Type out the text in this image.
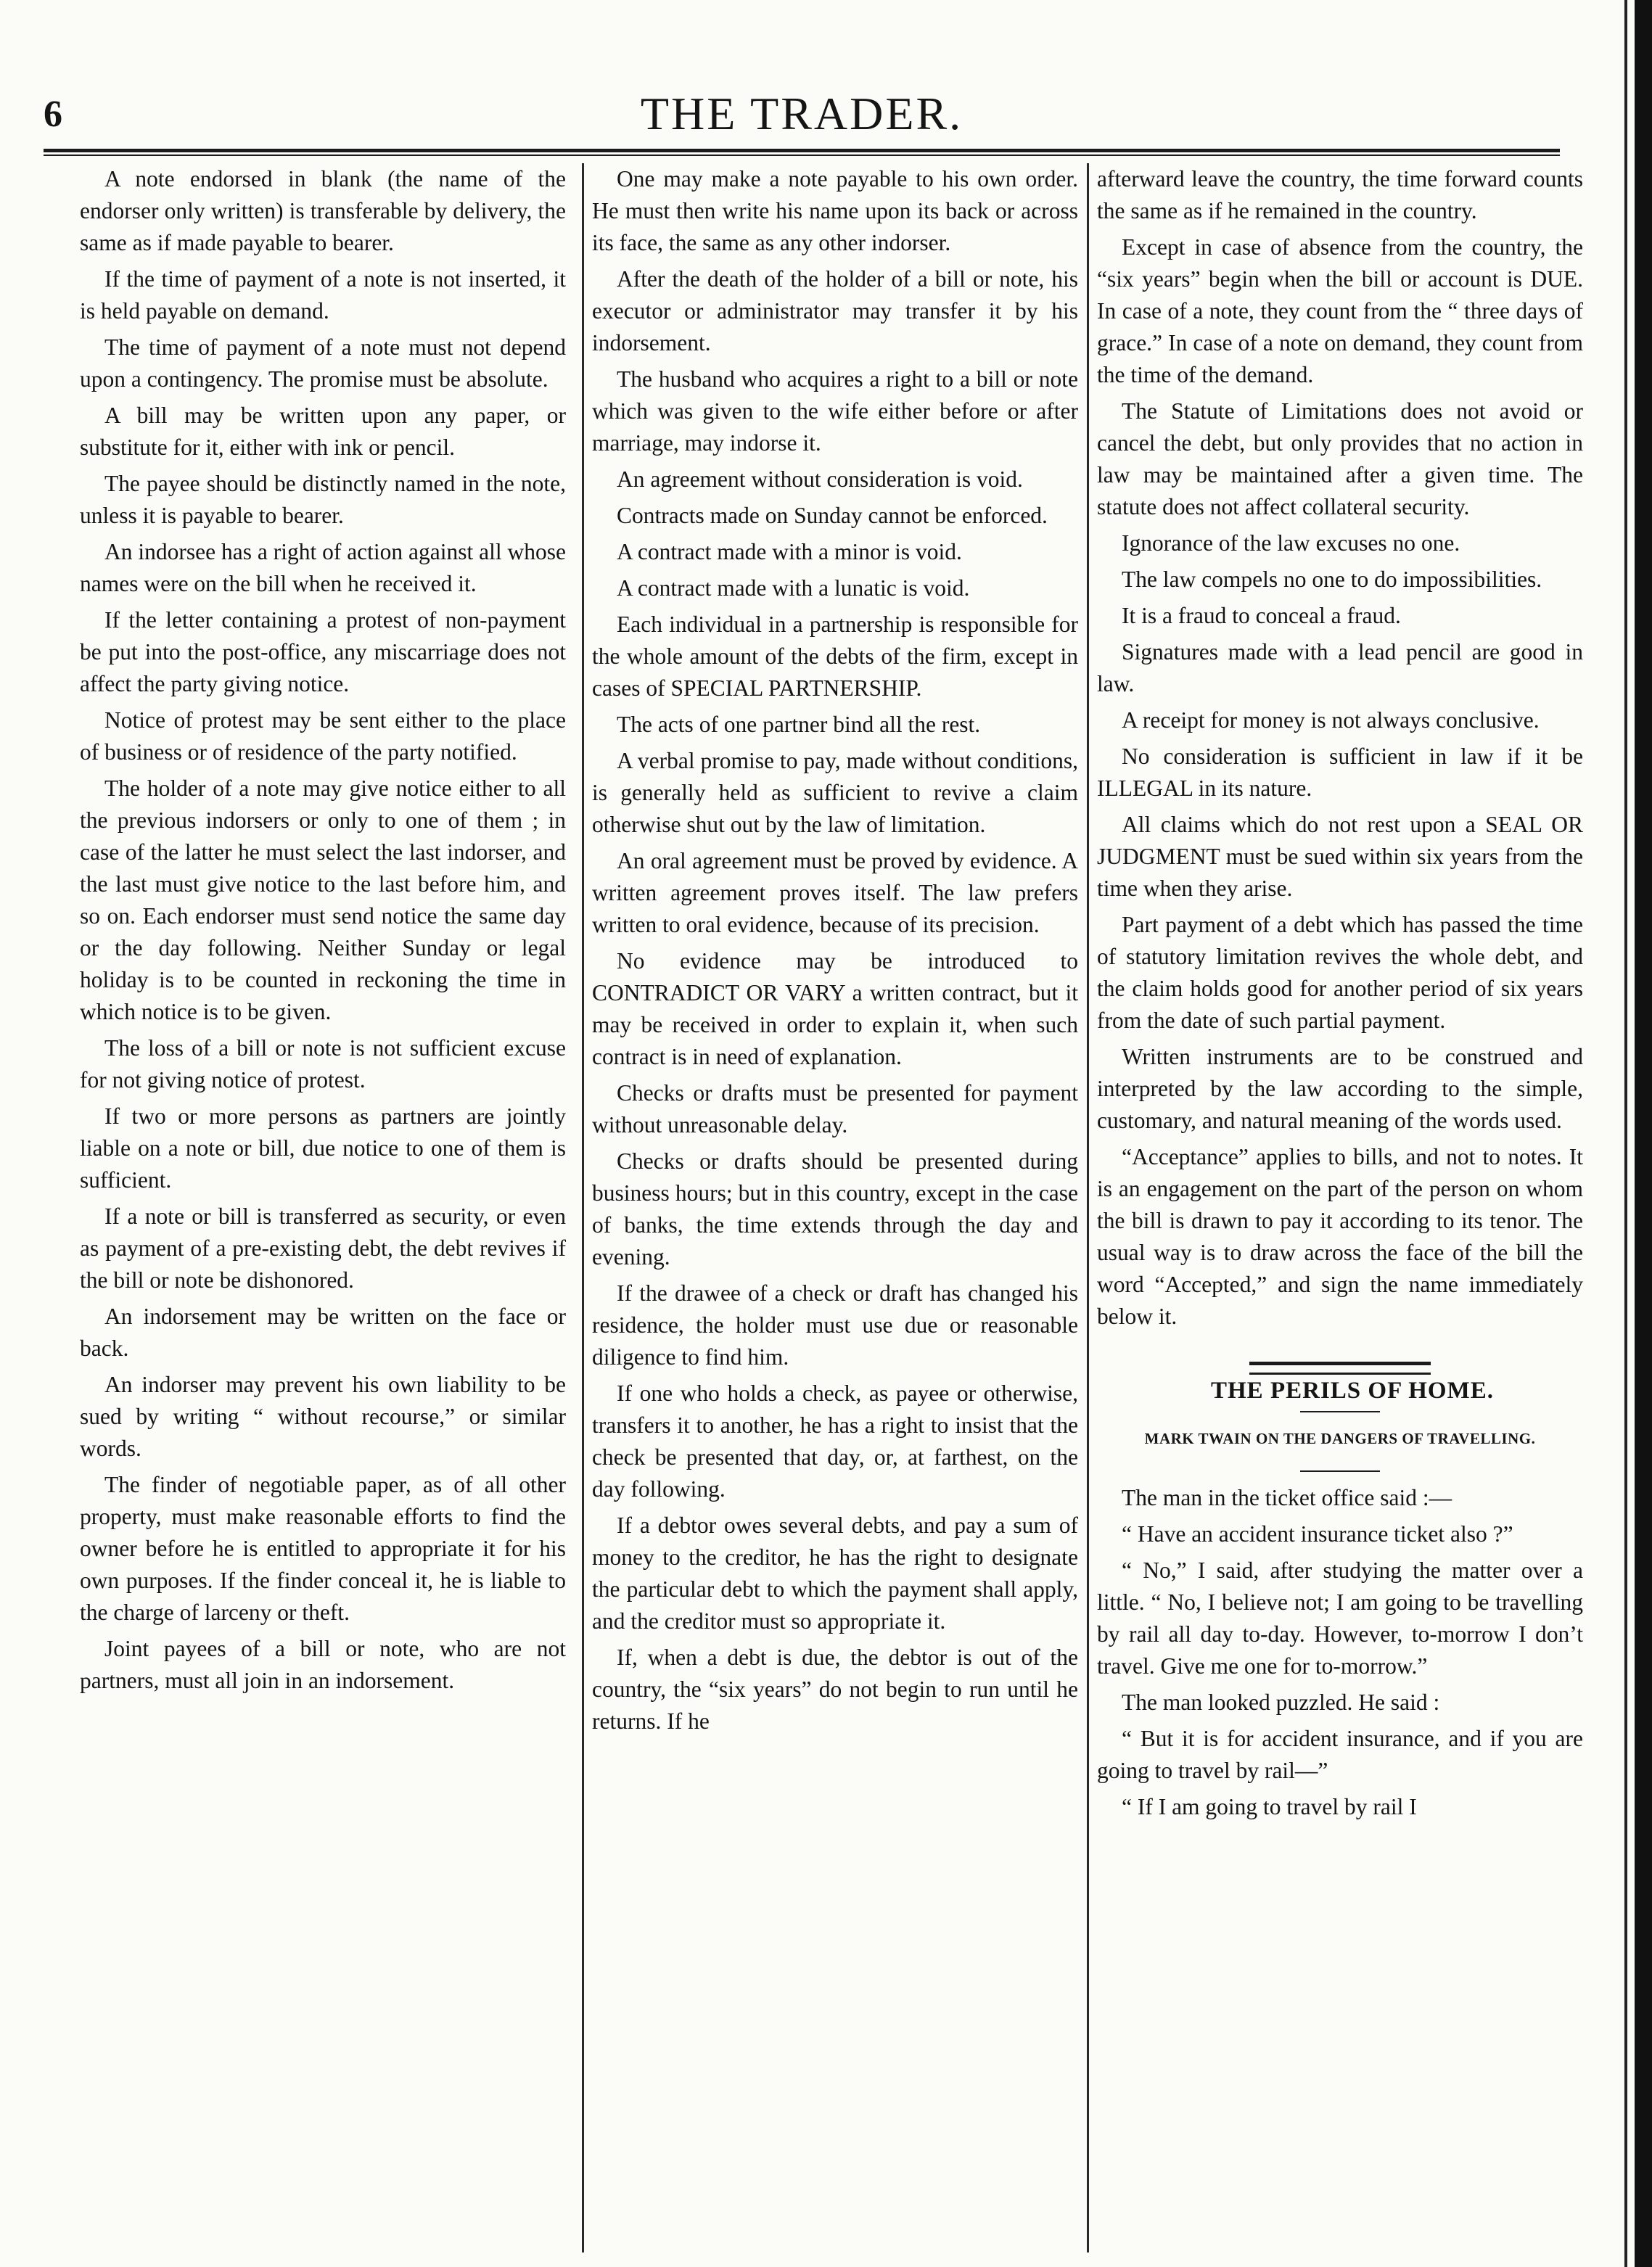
6	THE TRADER.

A note endorsed in blank (the name of the endorser only written) is transferable by delivery, the same as if made payable to bearer.

If the time of payment of a note is not inserted, it is held payable on demand.

The time of payment of a note must not depend upon a contingency. The promise must be absolute.

A bill may be written upon any paper, or substitute for it, either with ink or pencil.

The payee should be distinctly named in the note, unless it is payable to bearer.

An indorsee has a right of action against all whose names were on the bill when he received it.

If the letter containing a protest of non-payment be put into the post-office, any miscarriage does not affect the party giving notice.

Notice of protest may be sent either to the place of business or of residence of the party notified.

The holder of a note may give notice either to all the previous indorsers or only to one of them ; in case of the latter he must select the last indorser, and the last must give notice to the last before him, and so on. Each endorser must send notice the same day or the day following. Neither Sunday or legal holiday is to be counted in reckoning the time in which notice is to be given.

The loss of a bill or note is not sufficient excuse for not giving notice of protest.

If two or more persons as partners are jointly liable on a note or bill, due notice to one of them is sufficient.

If a note or bill is transferred as security, or even as payment of a pre-existing debt, the debt revives if the bill or note be dishonored.

An indorsement may be written on the face or back.

An indorser may prevent his own liability to be sued by writing “ without recourse,” or similar words.

The finder of negotiable paper, as of all other property, must make reasonable efforts to find the owner before he is entitled to appropriate it for his own purposes. If the finder conceal it, he is liable to the charge of larceny or theft.

Joint payees of a bill or note, who are not partners, must all join in an indorsement.

One may make a note payable to his own order. He must then write his name upon its back or across its face, the same as any other indorser.

After the death of the holder of a bill or note, his executor or administrator may transfer it by his indorsement.

The husband who acquires a right to a bill or note which was given to the wife either before or after marriage, may indorse it.

An agreement without consideration is void.

Contracts made on Sunday cannot be enforced.

A contract made with a minor is void.

A contract made with a lunatic is void.

Each individual in a partnership is responsible for the whole amount of the debts of the firm, except in cases of SPECIAL PARTNERSHIP.

The acts of one partner bind all the rest.

A verbal promise to pay, made without conditions, is generally held as sufficient to revive a claim otherwise shut out by the law of limitation.

An oral agreement must be proved by evidence. A written agreement proves itself. The law prefers written to oral evidence, because of its precision.

No evidence may be introduced to CONTRADICT OR VARY a written contract, but it may be received in order to explain it, when such contract is in need of explanation.

Checks or drafts must be presented for payment without unreasonable delay.

Checks or drafts should be presented during business hours; but in this country, except in the case of banks, the time extends through the day and evening.

If the drawee of a check or draft has changed his residence, the holder must use due or reasonable diligence to find him.

If one who holds a check, as payee or otherwise, transfers it to another, he has a right to insist that the check be presented that day, or, at farthest, on the day following.

If a debtor owes several debts, and pay a sum of money to the creditor, he has the right to designate the particular debt to which the payment shall apply, and the creditor must so appropriate it.

If, when a debt is due, the debtor is out of the country, the “six years” do not begin to run until he returns. If he

afterward leave the country, the time forward counts the same as if he remained in the country.

Except in case of absence from the country, the “six years” begin when the bill or account is DUE. In case of a note, they count from the “ three days of grace.” In case of a note on demand, they count from the time of the demand.

The Statute of Limitations does not avoid or cancel the debt, but only provides that no action in law may be maintained after a given time. The statute does not affect collateral security.

Ignorance of the law excuses no one.

The law compels no one to do impossibilities.

It is a fraud to conceal a fraud.

Signatures made with a lead pencil are good in law.

A receipt for money is not always conclusive.

No consideration is sufficient in law if it be ILLEGAL in its nature.

All claims which do not rest upon a SEAL OR JUDGMENT must be sued within six years from the time when they arise.

Part payment of a debt which has passed the time of statutory limitation revives the whole debt, and the claim holds good for another period of six years from the date of such partial payment.

Written instruments are to be construed and interpreted by the law according to the simple, customary, and natural meaning of the words used.

“Acceptance” applies to bills, and not to notes. It is an engagement on the part of the person on whom the bill is drawn to pay it according to its tenor. The usual way is to draw across the face of the bill the word “Accepted,” and sign the name immediately below it.

THE PERILS OF HOME.

MARK TWAIN ON THE DANGERS OF TRAVELLING.

The man in the ticket office said :—

“ Have an accident insurance ticket also ?”

“ No,” I said, after studying the matter over a little. “ No, I believe not; I am going to be travelling by rail all day to-day. However, to-morrow I don’t travel. Give me one for to-morrow.”

The man looked puzzled. He said :

“ But it is for accident insurance, and if you are going to travel by rail—”

“ If I am going to travel by rail I
